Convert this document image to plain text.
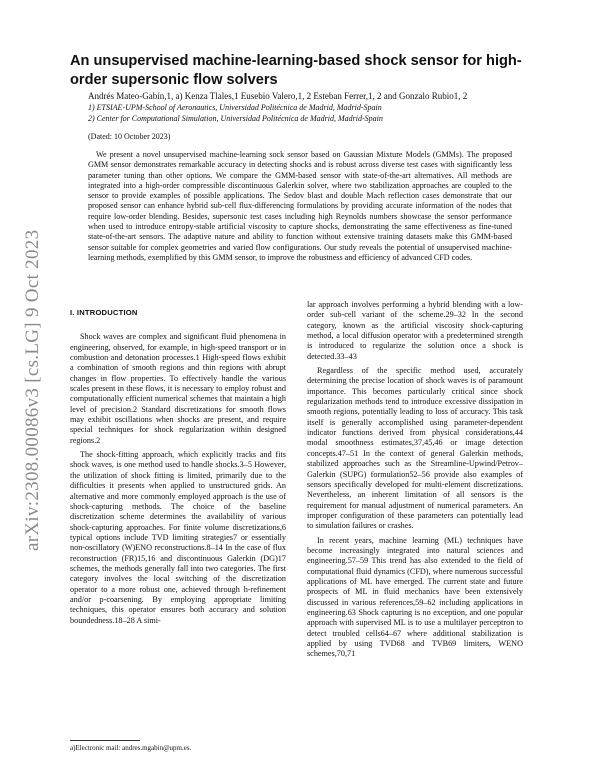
arXiv:2308.00086v3 [cs.LG] 9 Oct 2023
An unsupervised machine-learning-based shock sensor for high-order supersonic flow solvers
Andrés Mateo-Gabín,1, a) Kenza Tlales,1 Eusebio Valero,1, 2 Esteban Ferrer,1, 2 and Gonzalo Rubio1, 2
1) ETSIAE-UPM-School of Aeronautics, Universidad Politécnica de Madrid, Madrid-Spain
2) Center for Computational Simulation, Universidad Politécnica de Madrid, Madrid-Spain
(Dated: 10 October 2023)

We present a novel unsupervised machine-learning sock sensor based on Gaussian Mixture Models (GMMs). The proposed GMM sensor demonstrates remarkable accuracy in detecting shocks and is robust across diverse test cases with significantly less parameter tuning than other options. We compare the GMM-based sensor with state-of-the-art alternatives. All methods are integrated into a high-order compressible discontinuous Galerkin solver, where two stabilization approaches are coupled to the sensor to provide examples of possible applications. The Sedov blast and double Mach reflection cases demonstrate that our proposed sensor can enhance hybrid sub-cell flux-differencing formulations by providing accurate information of the nodes that require low-order blending. Besides, supersonic test cases including high Reynolds numbers showcase the sensor performance when used to introduce entropy-stable artificial viscosity to capture shocks, demonstrating the same effectiveness as fine-tuned state-of-the-art sensors. The adaptive nature and ability to function without extensive training datasets make this GMM-based sensor suitable for complex geometries and varied flow configurations. Our study reveals the potential of unsupervised machine-learning methods, exemplified by this GMM sensor, to improve the robustness and efficiency of advanced CFD codes.

I. INTRODUCTION

Shock waves are complex and significant fluid phenomena in engineering, observed, for example, in high-speed transport or in combustion and detonation processes.1 High-speed flows exhibit a combination of smooth regions and thin regions with abrupt changes in flow properties. To effectively handle the various scales present in these flows, it is necessary to employ robust and computationally efficient numerical schemes that maintain a high level of precision.2 Standard discretizations for smooth flows may exhibit oscillations when shocks are present, and require special techniques for shock regularization within designed regions.2

The shock-fitting approach, which explicitly tracks and fits shock waves, is one method used to handle shocks.3–5 However, the utilization of shock fitting is limited, primarily due to the difficulties it presents when applied to unstructured grids. An alternative and more commonly employed approach is the use of shock-capturing methods. The choice of the baseline discretization scheme determines the availability of various shock-capturing approaches. For finite volume discretizations,6 typical options include TVD limiting strategies7 or essentially non-oscillatory (W)ENO reconstructions.8–14 In the case of flux reconstruction (FR)15,16 and discontinuous Galerkin (DG)17 schemes, the methods generally fall into two categories. The first category involves the local switching of the discretization operator to a more robust one, achieved through h-refinement and/or p-coarsening. By employing appropriate limiting techniques, this operator ensures both accuracy and solution boundedness.18–28 A simi-

lar approach involves performing a hybrid blending with a low-order sub-cell variant of the scheme.29–32 In the second category, known as the artificial viscosity shock-capturing method, a local diffusion operator with a predetermined strength is introduced to regularize the solution once a shock is detected.33–43

Regardless of the specific method used, accurately determining the precise location of shock waves is of paramount importance. This becomes particularly critical since shock regularization methods tend to introduce excessive dissipation in smooth regions, potentially leading to loss of accuracy. This task itself is generally accomplished using parameter-dependent indicator functions derived from physical considerations,44 modal smoothness estimates,37,45,46 or image detection concepts.47–51 In the context of general Galerkin methods, stabilized approaches such as the Streamline-Upwind/Petrov–Galerkin (SUPG) formulation52–56 provide also examples of sensors specifically developed for multi-element discretizations. Nevertheless, an inherent limitation of all sensors is the requirement for manual adjustment of numerical parameters. An improper configuration of these parameters can potentially lead to simulation failures or crashes.

In recent years, machine learning (ML) techniques have become increasingly integrated into natural sciences and engineering.57–59 This trend has also extended to the field of computational fluid dynamics (CFD), where numerous successful applications of ML have emerged. The current state and future prospects of ML in fluid mechanics have been extensively discussed in various references,59–62 including applications in engineering.63 Shock capturing is no exception, and one popular approach with supervised ML is to use a multilayer perceptron to detect troubled cells64–67 where additional stabilization is applied by using TVD68 and TVB69 limiters, WENO schemes,70,71

a)Electronic mail: andres.mgabin@upm.es.
